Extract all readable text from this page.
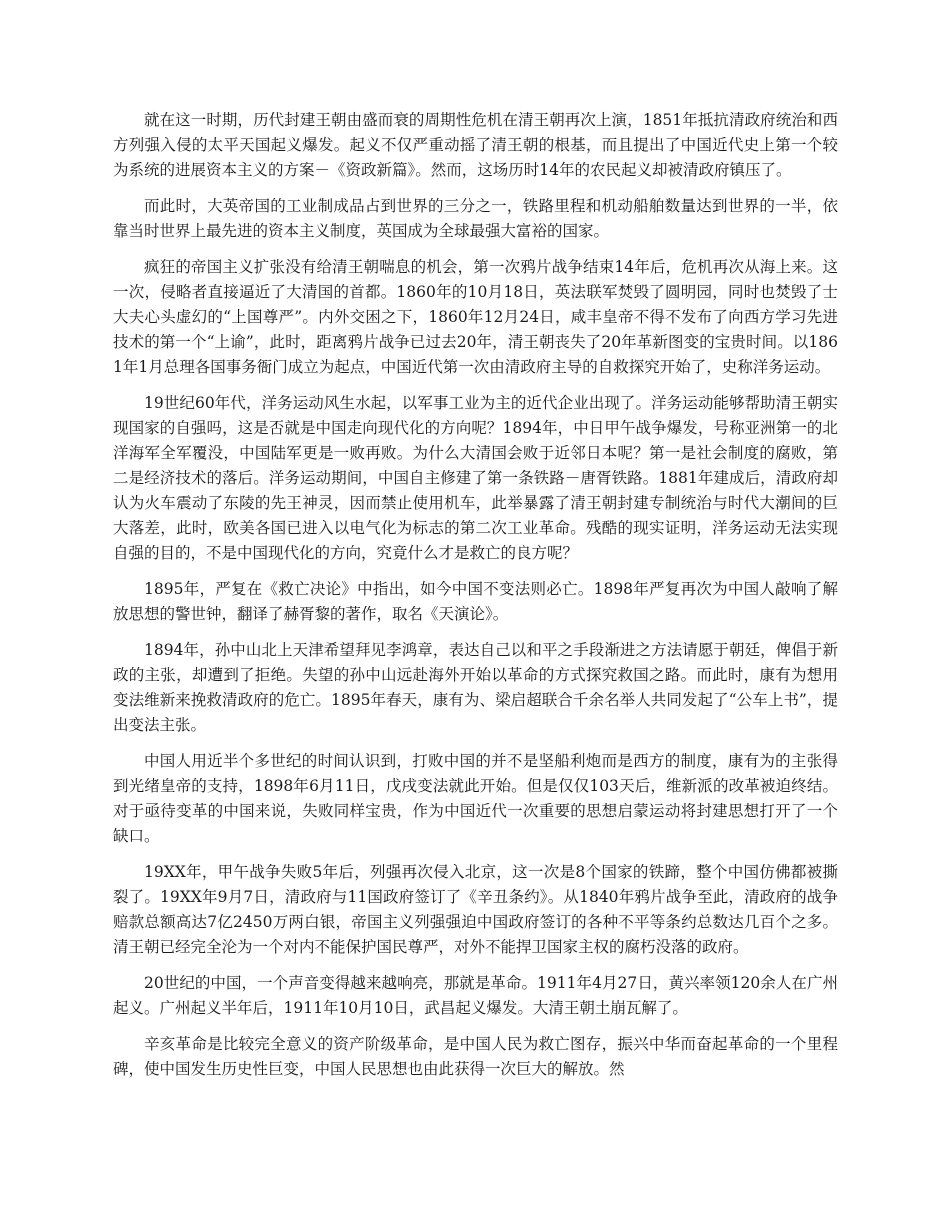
就在这一时期，历代封建王朝由盛而衰的周期性危机在清王朝再次上演，1851年抵抗清政府统治和西方列强入侵的太平天国起义爆发。起义不仅严重动摇了清王朝的根基，而且提出了中国近代史上第一个较为系统的进展资本主义的方案－《资政新篇》。然而，这场历时14年的农民起义却被清政府镇压了。

而此时，大英帝国的工业制成品占到世界的三分之一，铁路里程和机动船舶数量达到世界的一半，依靠当时世界上最先进的资本主义制度，英国成为全球最强大富裕的国家。

疯狂的帝国主义扩张没有给清王朝喘息的机会，第一次鸦片战争结束14年后，危机再次从海上来。这一次，侵略者直接逼近了大清国的首都。1860年的10月18日，英法联军焚毁了圆明园，同时也焚毁了士大夫心头虚幻的“上国尊严”。内外交困之下，1860年12月24日，咸丰皇帝不得不发布了向西方学习先进技术的第一个“上谕”，此时，距离鸦片战争已过去20年，清王朝丧失了20年革新图变的宝贵时间。以1861年1月总理各国事务衙门成立为起点，中国近代第一次由清政府主导的自救探究开始了，史称洋务运动。

19世纪60年代，洋务运动风生水起，以军事工业为主的近代企业出现了。洋务运动能够帮助清王朝实现国家的自强吗，这是否就是中国走向现代化的方向呢？1894年，中日甲午战争爆发，号称亚洲第一的北洋海军全军覆没，中国陆军更是一败再败。为什么大清国会败于近邻日本呢？第一是社会制度的腐败，第二是经济技术的落后。洋务运动期间，中国自主修建了第一条铁路－唐胥铁路。1881年建成后，清政府却认为火车震动了东陵的先王神灵，因而禁止使用机车，此举暴露了清王朝封建专制统治与时代大潮间的巨大落差，此时，欧美各国已进入以电气化为标志的第二次工业革命。残酷的现实证明，洋务运动无法实现自强的目的，不是中国现代化的方向，究竟什么才是救亡的良方呢？

1895年，严复在《救亡决论》中指出，如今中国不变法则必亡。1898年严复再次为中国人敲响了解放思想的警世钟，翻译了赫胥黎的著作，取名《天演论》。

1894年，孙中山北上天津希望拜见李鸿章，表达自己以和平之手段渐进之方法请愿于朝廷，俾倡于新政的主张，却遭到了拒绝。失望的孙中山远赴海外开始以革命的方式探究救国之路。而此时，康有为想用变法维新来挽救清政府的危亡。1895年春天，康有为、梁启超联合千余名举人共同发起了“公车上书”，提出变法主张。

中国人用近半个多世纪的时间认识到，打败中国的并不是坚船利炮而是西方的制度，康有为的主张得到光绪皇帝的支持，1898年6月11日，戊戌变法就此开始。但是仅仅103天后，维新派的改革被迫终结。对于亟待变革的中国来说，失败同样宝贵，作为中国近代一次重要的思想启蒙运动将封建思想打开了一个缺口。

19XX年，甲午战争失败5年后，列强再次侵入北京，这一次是8个国家的铁蹄，整个中国仿佛都被撕裂了。19XX年9月7日，清政府与11国政府签订了《辛丑条约》。从1840年鸦片战争至此，清政府的战争赔款总额高达7亿2450万两白银，帝国主义列强强迫中国政府签订的各种不平等条约总数达几百个之多。清王朝已经完全沦为一个对内不能保护国民尊严，对外不能捍卫国家主权的腐朽没落的政府。

20世纪的中国，一个声音变得越来越响亮，那就是革命。1911年4月27日，黄兴率领120余人在广州起义。广州起义半年后，1911年10月10日，武昌起义爆发。大清王朝土崩瓦解了。

辛亥革命是比较完全意义的资产阶级革命，是中国人民为救亡图存，振兴中华而奋起革命的一个里程碑，使中国发生历史性巨变，中国人民思想也由此获得一次巨大的解放。然
